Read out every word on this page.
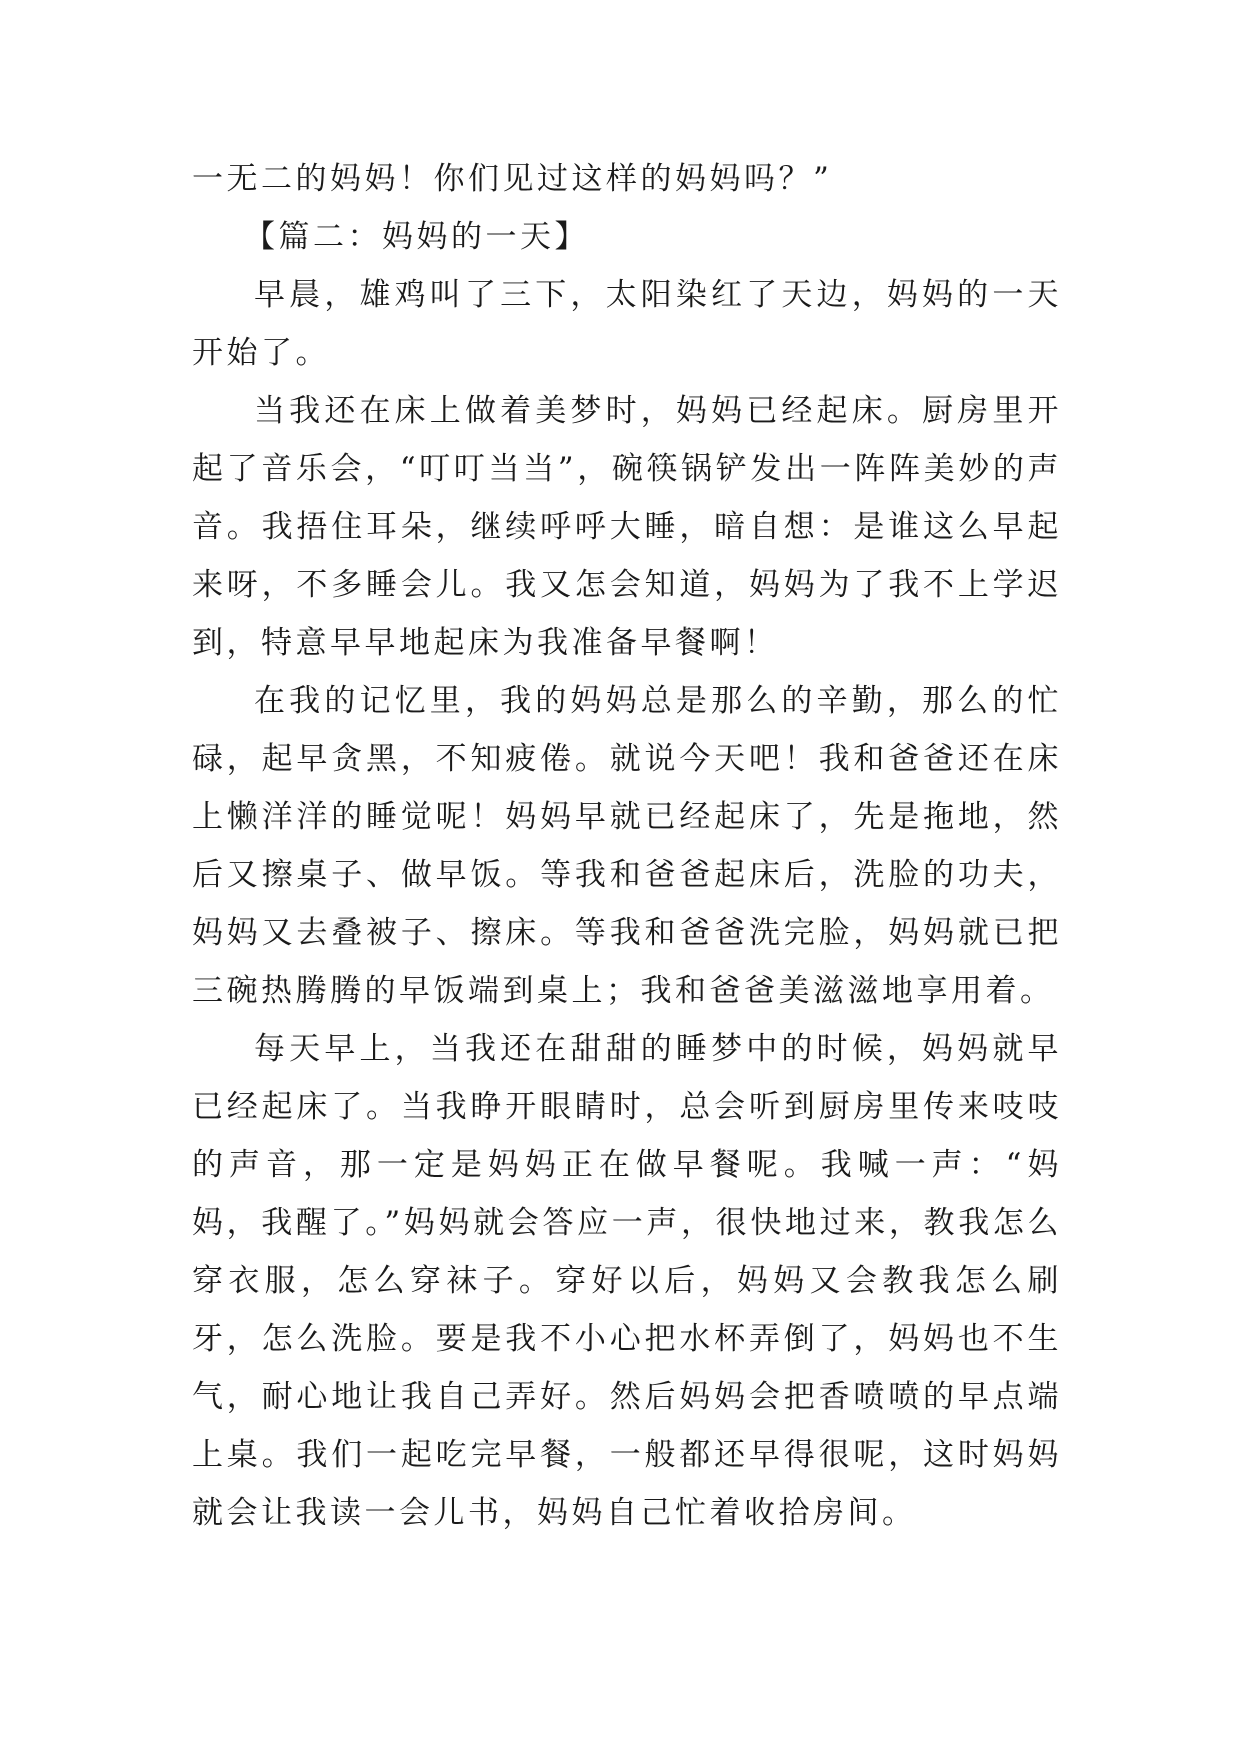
一无二的妈妈！你们见过这样的妈妈吗？”

【篇二：妈妈的一天】

早晨，雄鸡叫了三下，太阳染红了天边，妈妈的一天开始了。

当我还在床上做着美梦时，妈妈已经起床。厨房里开起了音乐会，“叮叮当当”，碗筷锅铲发出一阵阵美妙的声音。我捂住耳朵，继续呼呼大睡，暗自想：是谁这么早起来呀，不多睡会儿。我又怎会知道，妈妈为了我不上学迟到，特意早早地起床为我准备早餐啊！

在我的记忆里，我的妈妈总是那么的辛勤，那么的忙碌，起早贪黑，不知疲倦。就说今天吧！我和爸爸还在床上懒洋洋的睡觉呢！妈妈早就已经起床了，先是拖地，然后又擦桌子、做早饭。等我和爸爸起床后，洗脸的功夫，妈妈又去叠被子、擦床。等我和爸爸洗完脸，妈妈就已把三碗热腾腾的早饭端到桌上；我和爸爸美滋滋地享用着。

每天早上，当我还在甜甜的睡梦中的时候，妈妈就早已经起床了。当我睁开眼睛时，总会听到厨房里传来吱吱的声音，那一定是妈妈正在做早餐呢。我喊一声：“妈妈，我醒了。”妈妈就会答应一声，很快地过来，教我怎么穿衣服，怎么穿袜子。穿好以后，妈妈又会教我怎么刷牙，怎么洗脸。要是我不小心把水杯弄倒了，妈妈也不生气，耐心地让我自己弄好。然后妈妈会把香喷喷的早点端上桌。我们一起吃完早餐，一般都还早得很呢，这时妈妈就会让我读一会儿书，妈妈自己忙着收拾房间。
